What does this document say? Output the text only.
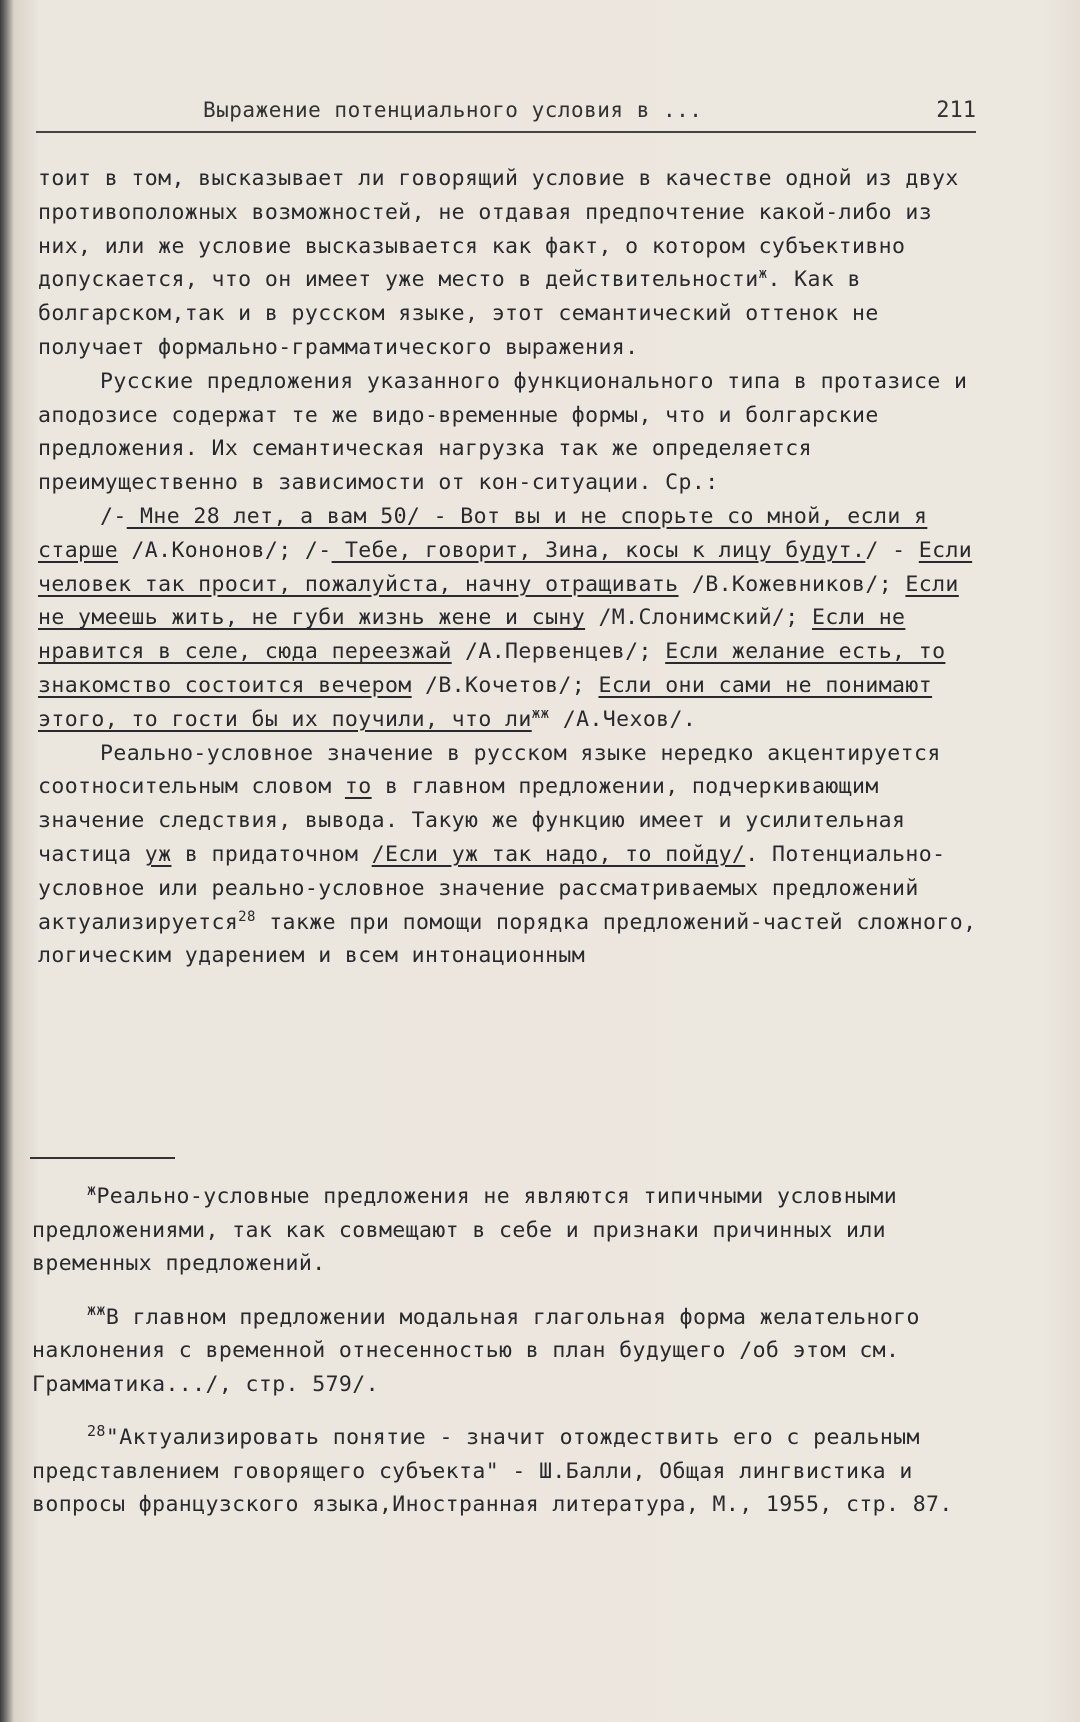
Выражение потенциального условия в ...	211

тоит в том, высказывает ли говорящий условие в качестве одной из двух противоположных возможностей, не отдавая предпочтение какой-либо из них, или же условие высказывается как факт, о котором субъективно допускается, что он имеет уже место в действительности$^ж$. Как в болгарском,так и в русском языке, этот семантический оттенок не получает формально-грамматического выражения.

Русские предложения указанного функционального типа в протазисе и аподозисе содержат те же видо-временные формы, что и болгарские предложения. Их семантическая нагрузка так же определяется преимущественно в зависимости от кон-ситуации. Ср.:

/- Мне 28 лет, а вам 50/ - Вот вы и не спорьте со мной, если я старше /А.Кононов/; /- Тебе, говорит, Зина, косы к лицу будут./ - Если человек так просит, пожалуйста, начну отращивать /В.Кожевников/; Если не умеешь жить, не губи жизнь жене и сыну /М.Слонимский/; Если не нравится в селе, сюда переезжай /А.Первенцев/; Если желание есть, то знакомство состоится вечером /В.Кочетов/; Если они сами не понимают этого, то гости бы их поучили, что $ли^{жж}$ /А.Чехов/.

Реально-условное значение в русском языке нередко акцентируется соотносительным словом то в главном предложении, подчеркивающим значение следствия, вывода. Такую же функцию имеет и усилительная частица уж в придаточном /Если уж так надо, то пойду/. Потенциально-условное или реально-условное значение рассматриваемых предложений актуализируется$^{28}$ также при помощи порядка предложений-частей сложного, логическим ударением и всем интонационным

$^ж$Реально-условные предложения не являются типичными условными предложениями, так как совмещают в себе и признаки причинных или временных предложений.

$^{жж}$В главном предложении модальная глагольная форма желательного наклонения с временной отнесенностью в план будущего /об этом см. Грамматика.../, стр. 579/.

$^{28}$"Актуализировать понятие - значит отождествить его с реальным представлением говорящего субъекта" - Ш.Балли, Общая лингвистика и вопросы французского языка,Иностранная литература, М., 1955, стр. 87.
